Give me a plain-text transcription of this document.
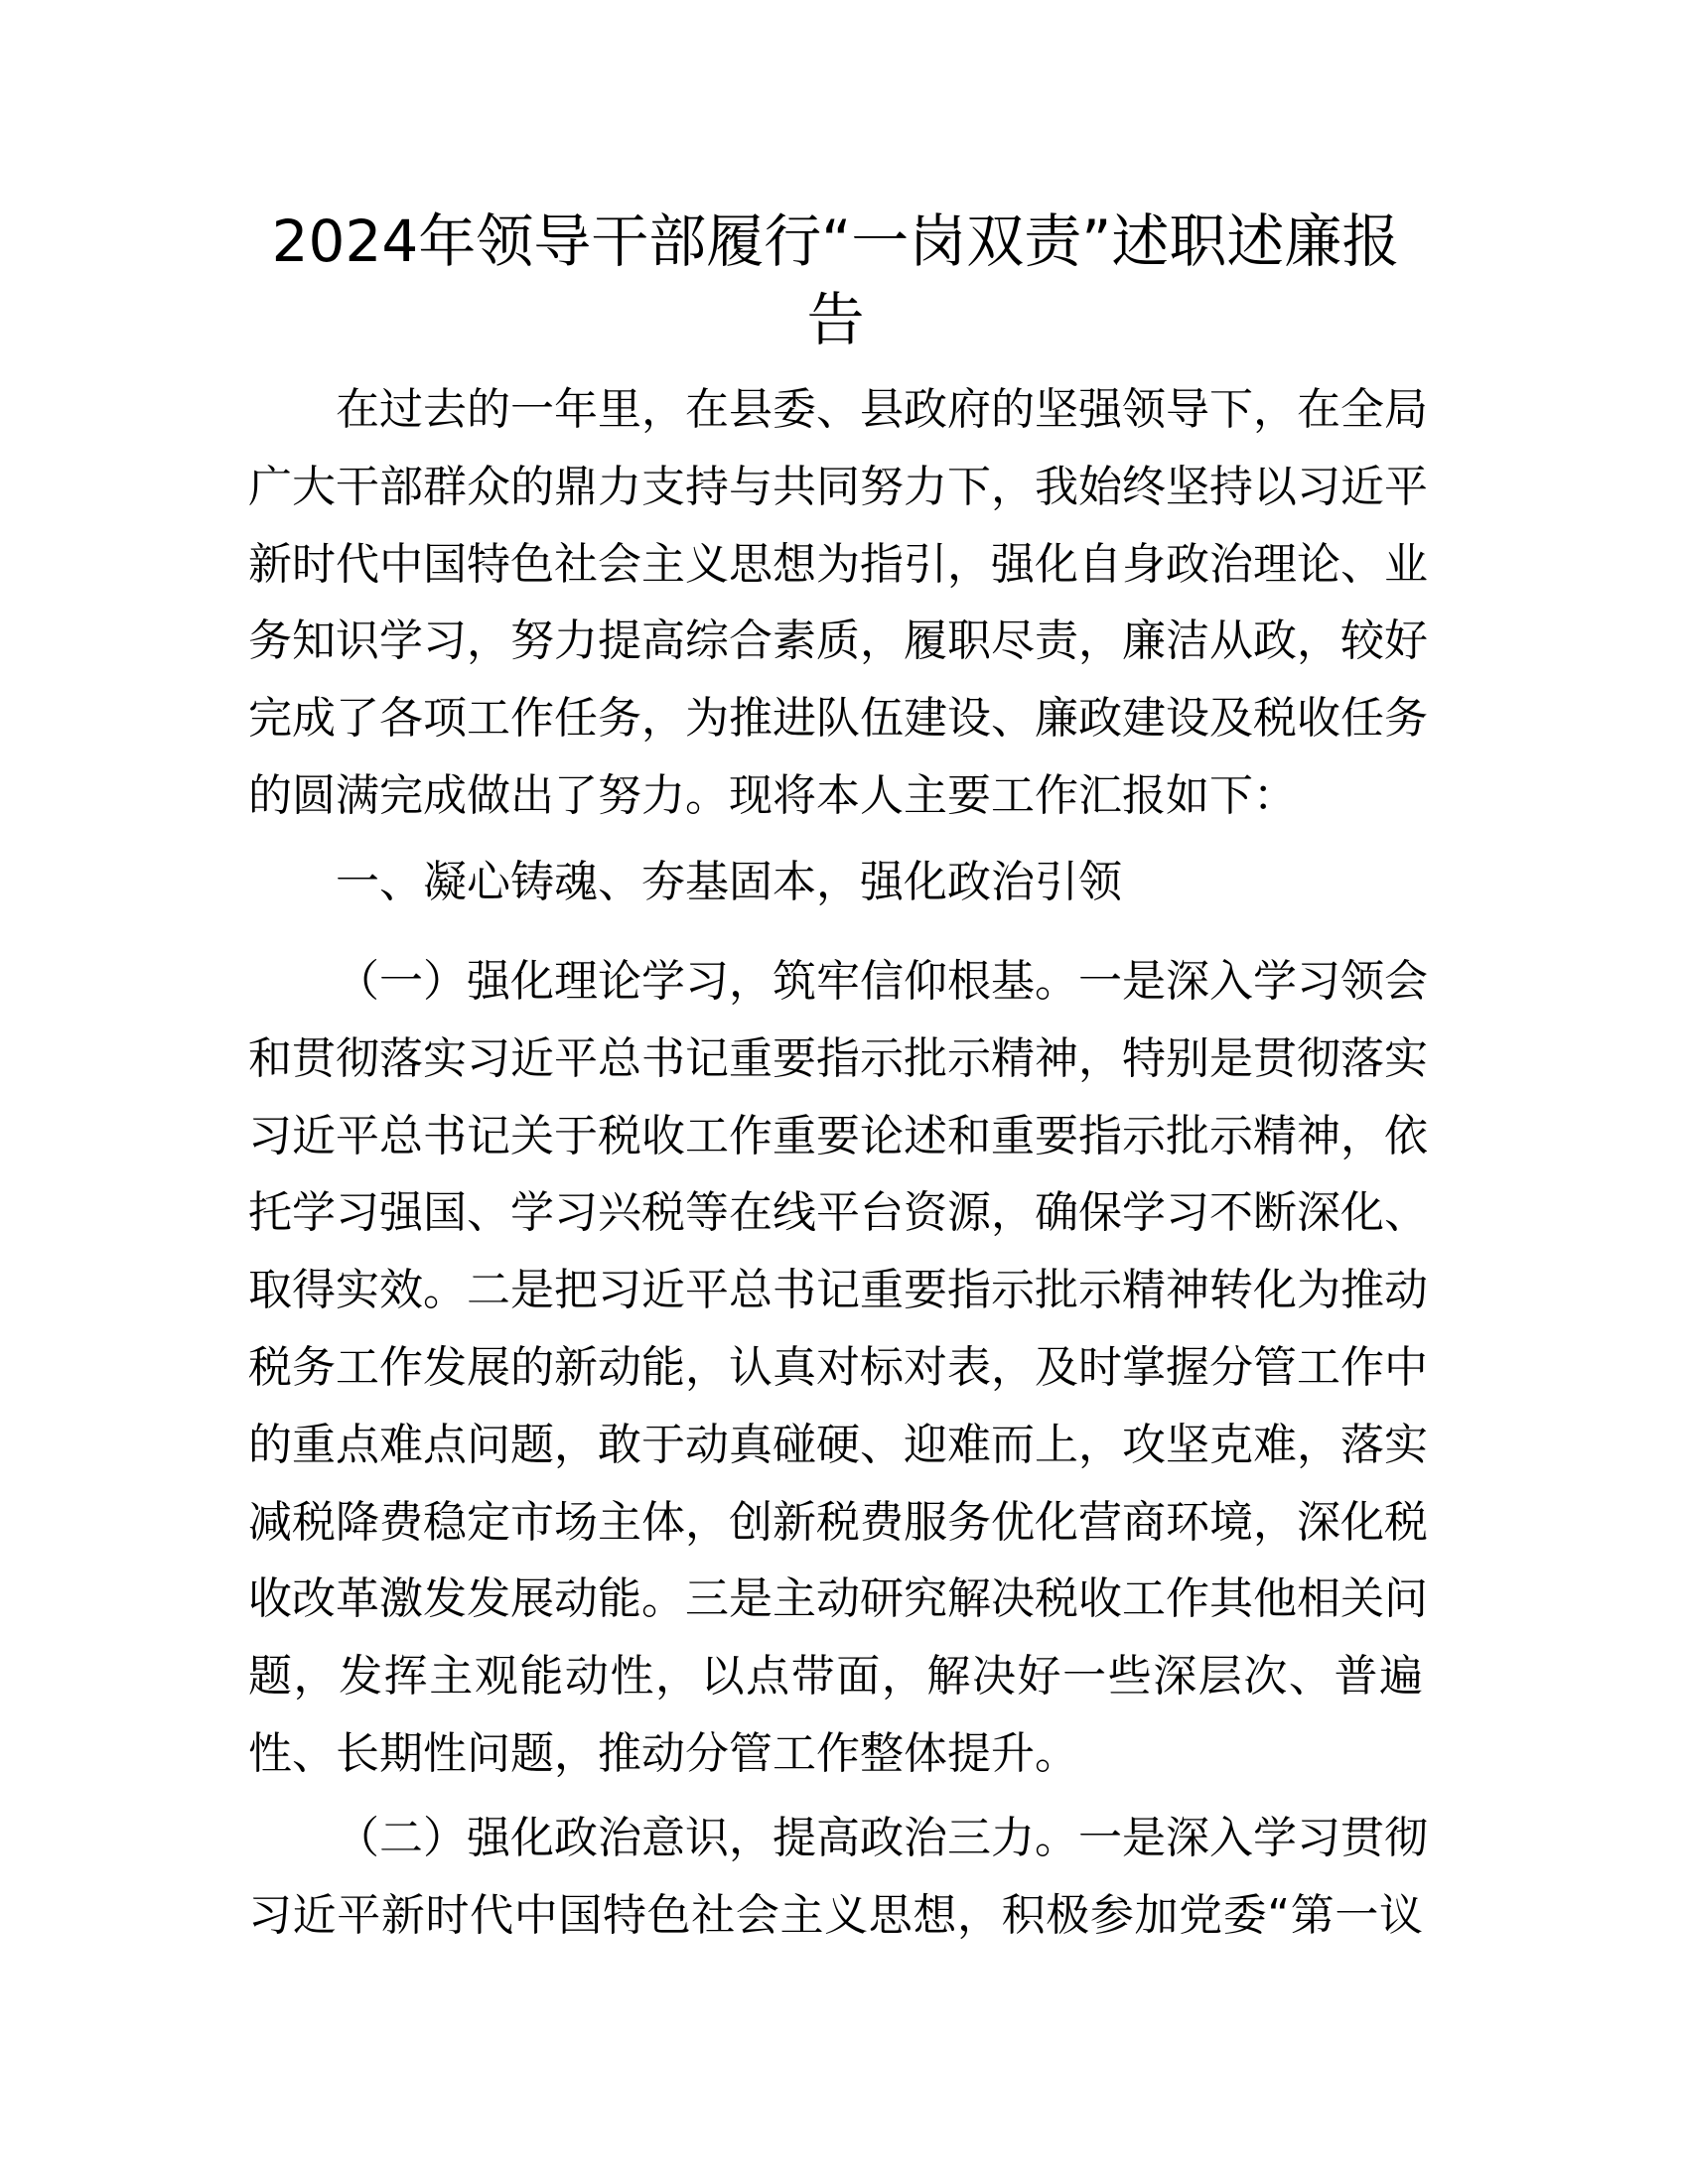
2024年领导干部履行“一岗双责”述职述廉报
告
在过去的一年里，在县委、县政府的坚强领导下，在全局
广大干部群众的鼎力支持与共同努力下，我始终坚持以习近平
新时代中国特色社会主义思想为指引，强化自身政治理论、业
务知识学习，努力提高综合素质，履职尽责，廉洁从政，较好
完成了各项工作任务，为推进队伍建设、廉政建设及税收任务
的圆满完成做出了努力。现将本人主要工作汇报如下：
一、凝心铸魂、夯基固本，强化政治引领
（一）强化理论学习，筑牢信仰根基。一是深入学习领会
和贯彻落实习近平总书记重要指示批示精神，特别是贯彻落实
习近平总书记关于税收工作重要论述和重要指示批示精神，依
托学习强国、学习兴税等在线平台资源，确保学习不断深化、
取得实效。二是把习近平总书记重要指示批示精神转化为推动
税务工作发展的新动能，认真对标对表，及时掌握分管工作中
的重点难点问题，敢于动真碰硬、迎难而上，攻坚克难，落实
减税降费稳定市场主体，创新税费服务优化营商环境，深化税
收改革激发发展动能。三是主动研究解决税收工作其他相关问
题，发挥主观能动性，以点带面，解决好一些深层次、普遍
性、长期性问题，推动分管工作整体提升。
（二）强化政治意识，提高政治三力。一是深入学习贯彻
习近平新时代中国特色社会主义思想，积极参加党委“第一议
